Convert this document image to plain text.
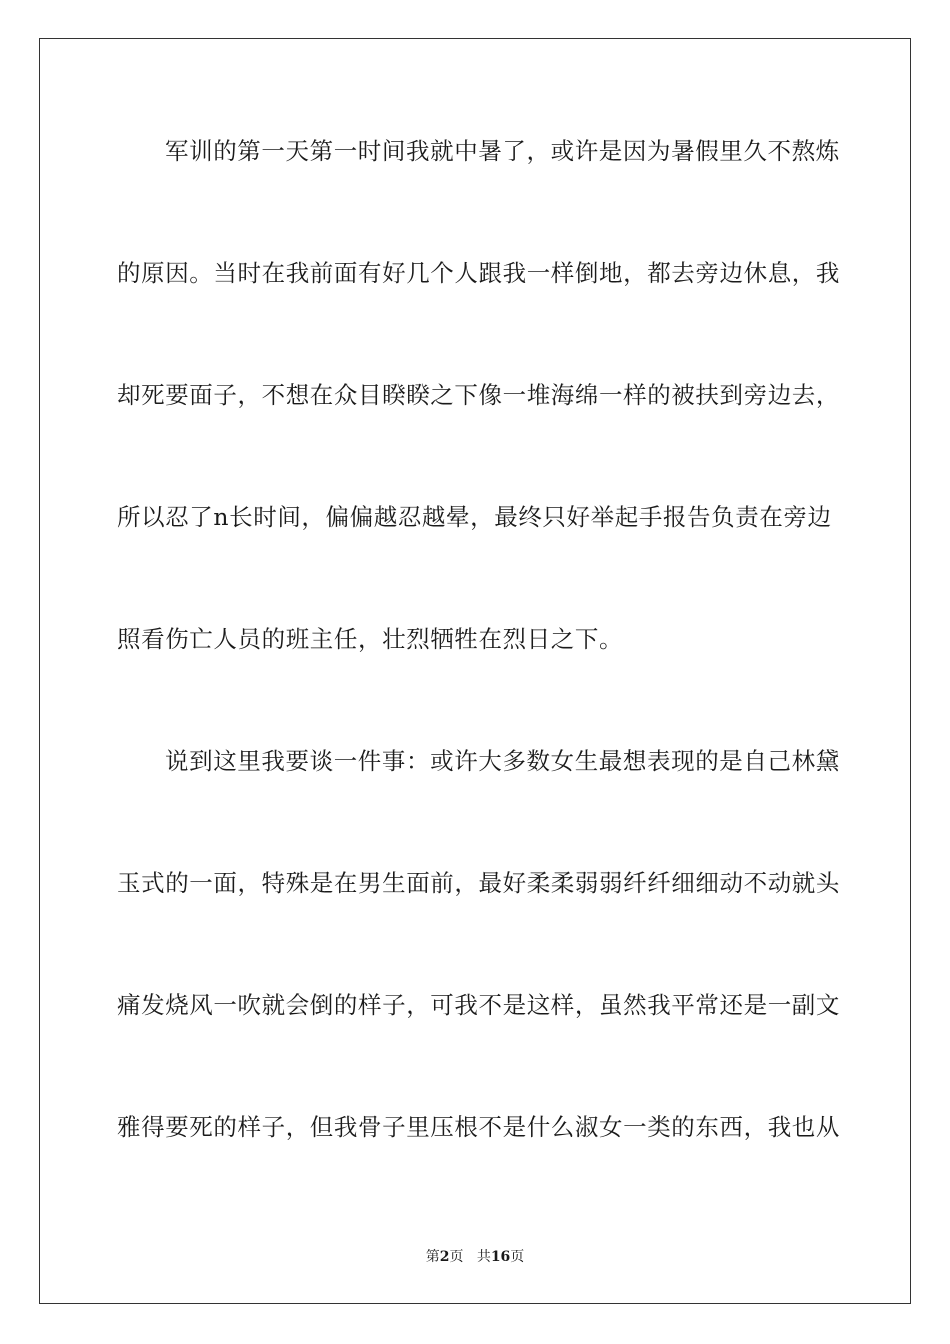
军训的第一天第一时间我就中暑了，或许是因为暑假里久不熬炼
的原因。当时在我前面有好几个人跟我一样倒地，都去旁边休息，我
却死要面子，不想在众目睽睽之下像一堆海绵一样的被扶到旁边去，
所以忍了n长时间，偏偏越忍越晕，最终只好举起手报告负责在旁边
照看伤亡人员的班主任，壮烈牺牲在烈日之下。
说到这里我要谈一件事：或许大多数女生最想表现的是自己林黛
玉式的一面，特殊是在男生面前，最好柔柔弱弱纤纤细细动不动就头
痛发烧风一吹就会倒的样子，可我不是这样，虽然我平常还是一副文
雅得要死的样子，但我骨子里压根不是什么淑女一类的东西，我也从
第2页 共16页
